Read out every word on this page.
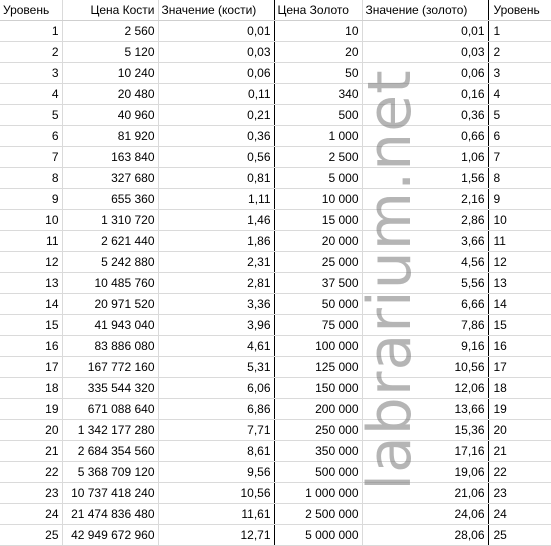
Уровень	Цена Кости	Значение (кости)	Цена Золото	Значение (золото)	Уровень
1	2 560	0,01	10	0,01	1
2	5 120	0,03	20	0,03	2
3	10 240	0,06	50	0,06	3
4	20 480	0,11	340	0,16	4
5	40 960	0,21	500	0,36	5
6	81 920	0,36	1 000	0,66	6
7	163 840	0,56	2 500	1,06	7
8	327 680	0,81	5 000	1,56	8
9	655 360	1,11	10 000	2,16	9
10	1 310 720	1,46	15 000	2,86	10
11	2 621 440	1,86	20 000	3,66	11
12	5 242 880	2,31	25 000	4,56	12
13	10 485 760	2,81	37 500	5,56	13
14	20 971 520	3,36	50 000	6,66	14
15	41 943 040	3,96	75 000	7,86	15
16	83 886 080	4,61	100 000	9,16	16
17	167 772 160	5,31	125 000	10,56	17
18	335 544 320	6,06	150 000	12,06	18
19	671 088 640	6,86	200 000	13,66	19
20	1 342 177 280	7,71	250 000	15,36	20
21	2 684 354 560	8,61	350 000	17,16	21
22	5 368 709 120	9,56	500 000	19,06	22
23	10 737 418 240	10,56	1 000 000	21,06	23
24	21 474 836 480	11,61	2 500 000	24,06	24
25	42 949 672 960	12,71	5 000 000	28,06	25
labrarium.net
